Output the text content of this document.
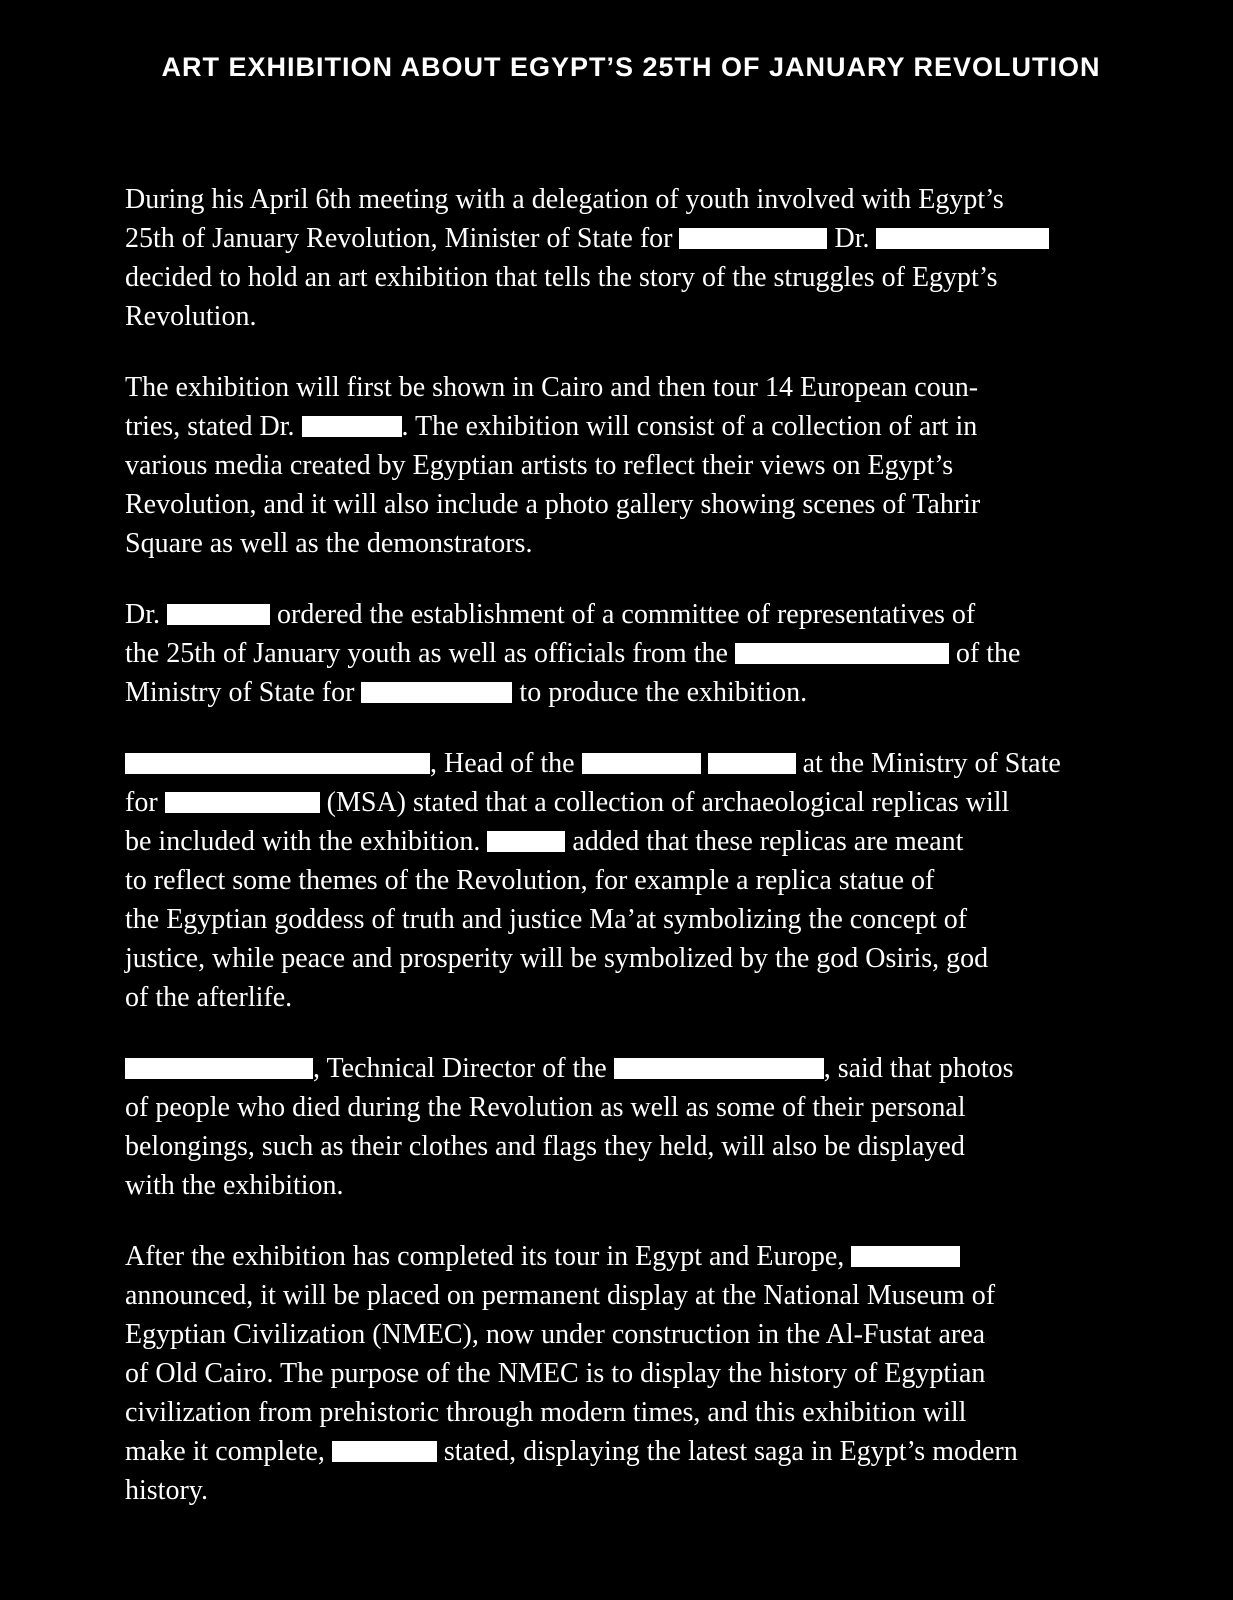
ART EXHIBITION ABOUT EGYPT’S 25TH OF JANUARY REVOLUTION
During his April 6th meeting with a delegation of youth involved with Egypt’s
25th of January Revolution, Minister of State for	Dr.
decided to hold an art exhibition that tells the story of the struggles of Egypt’s
Revolution.
The exhibition will first be shown in Cairo and then tour 14 European coun-
tries, stated Dr.	. The exhibition will consist of a collection of art in
various media created by Egyptian artists to reflect their views on Egypt’s
Revolution, and it will also include a photo gallery showing scenes of Tahrir
Square as well as the demonstrators.
Dr.	ordered the establishment of a committee of representatives of
the 25th of January youth as well as officials from the	of the
Ministry of State for	to produce the exhibition.
, Head of the	at the Ministry of State
for	(MSA) stated that a collection of archaeological replicas will
be included with the exhibition.	added that these replicas are meant
to reflect some themes of the Revolution, for example a replica statue of
the Egyptian goddess of truth and justice Ma’at symbolizing the concept of
justice, while peace and prosperity will be symbolized by the god Osiris, god
of the afterlife.
, Technical Director of the	, said that photos
of people who died during the Revolution as well as some of their personal
belongings, such as their clothes and flags they held, will also be displayed
with the exhibition.
After the exhibition has completed its tour in Egypt and Europe,
announced, it will be placed on permanent display at the National Museum of
Egyptian Civilization (NMEC), now under construction in the Al-Fustat area
of Old Cairo. The purpose of the NMEC is to display the history of Egyptian
civilization from prehistoric through modern times, and this exhibition will
make it complete,	stated, displaying the latest saga in Egypt’s modern
history.
